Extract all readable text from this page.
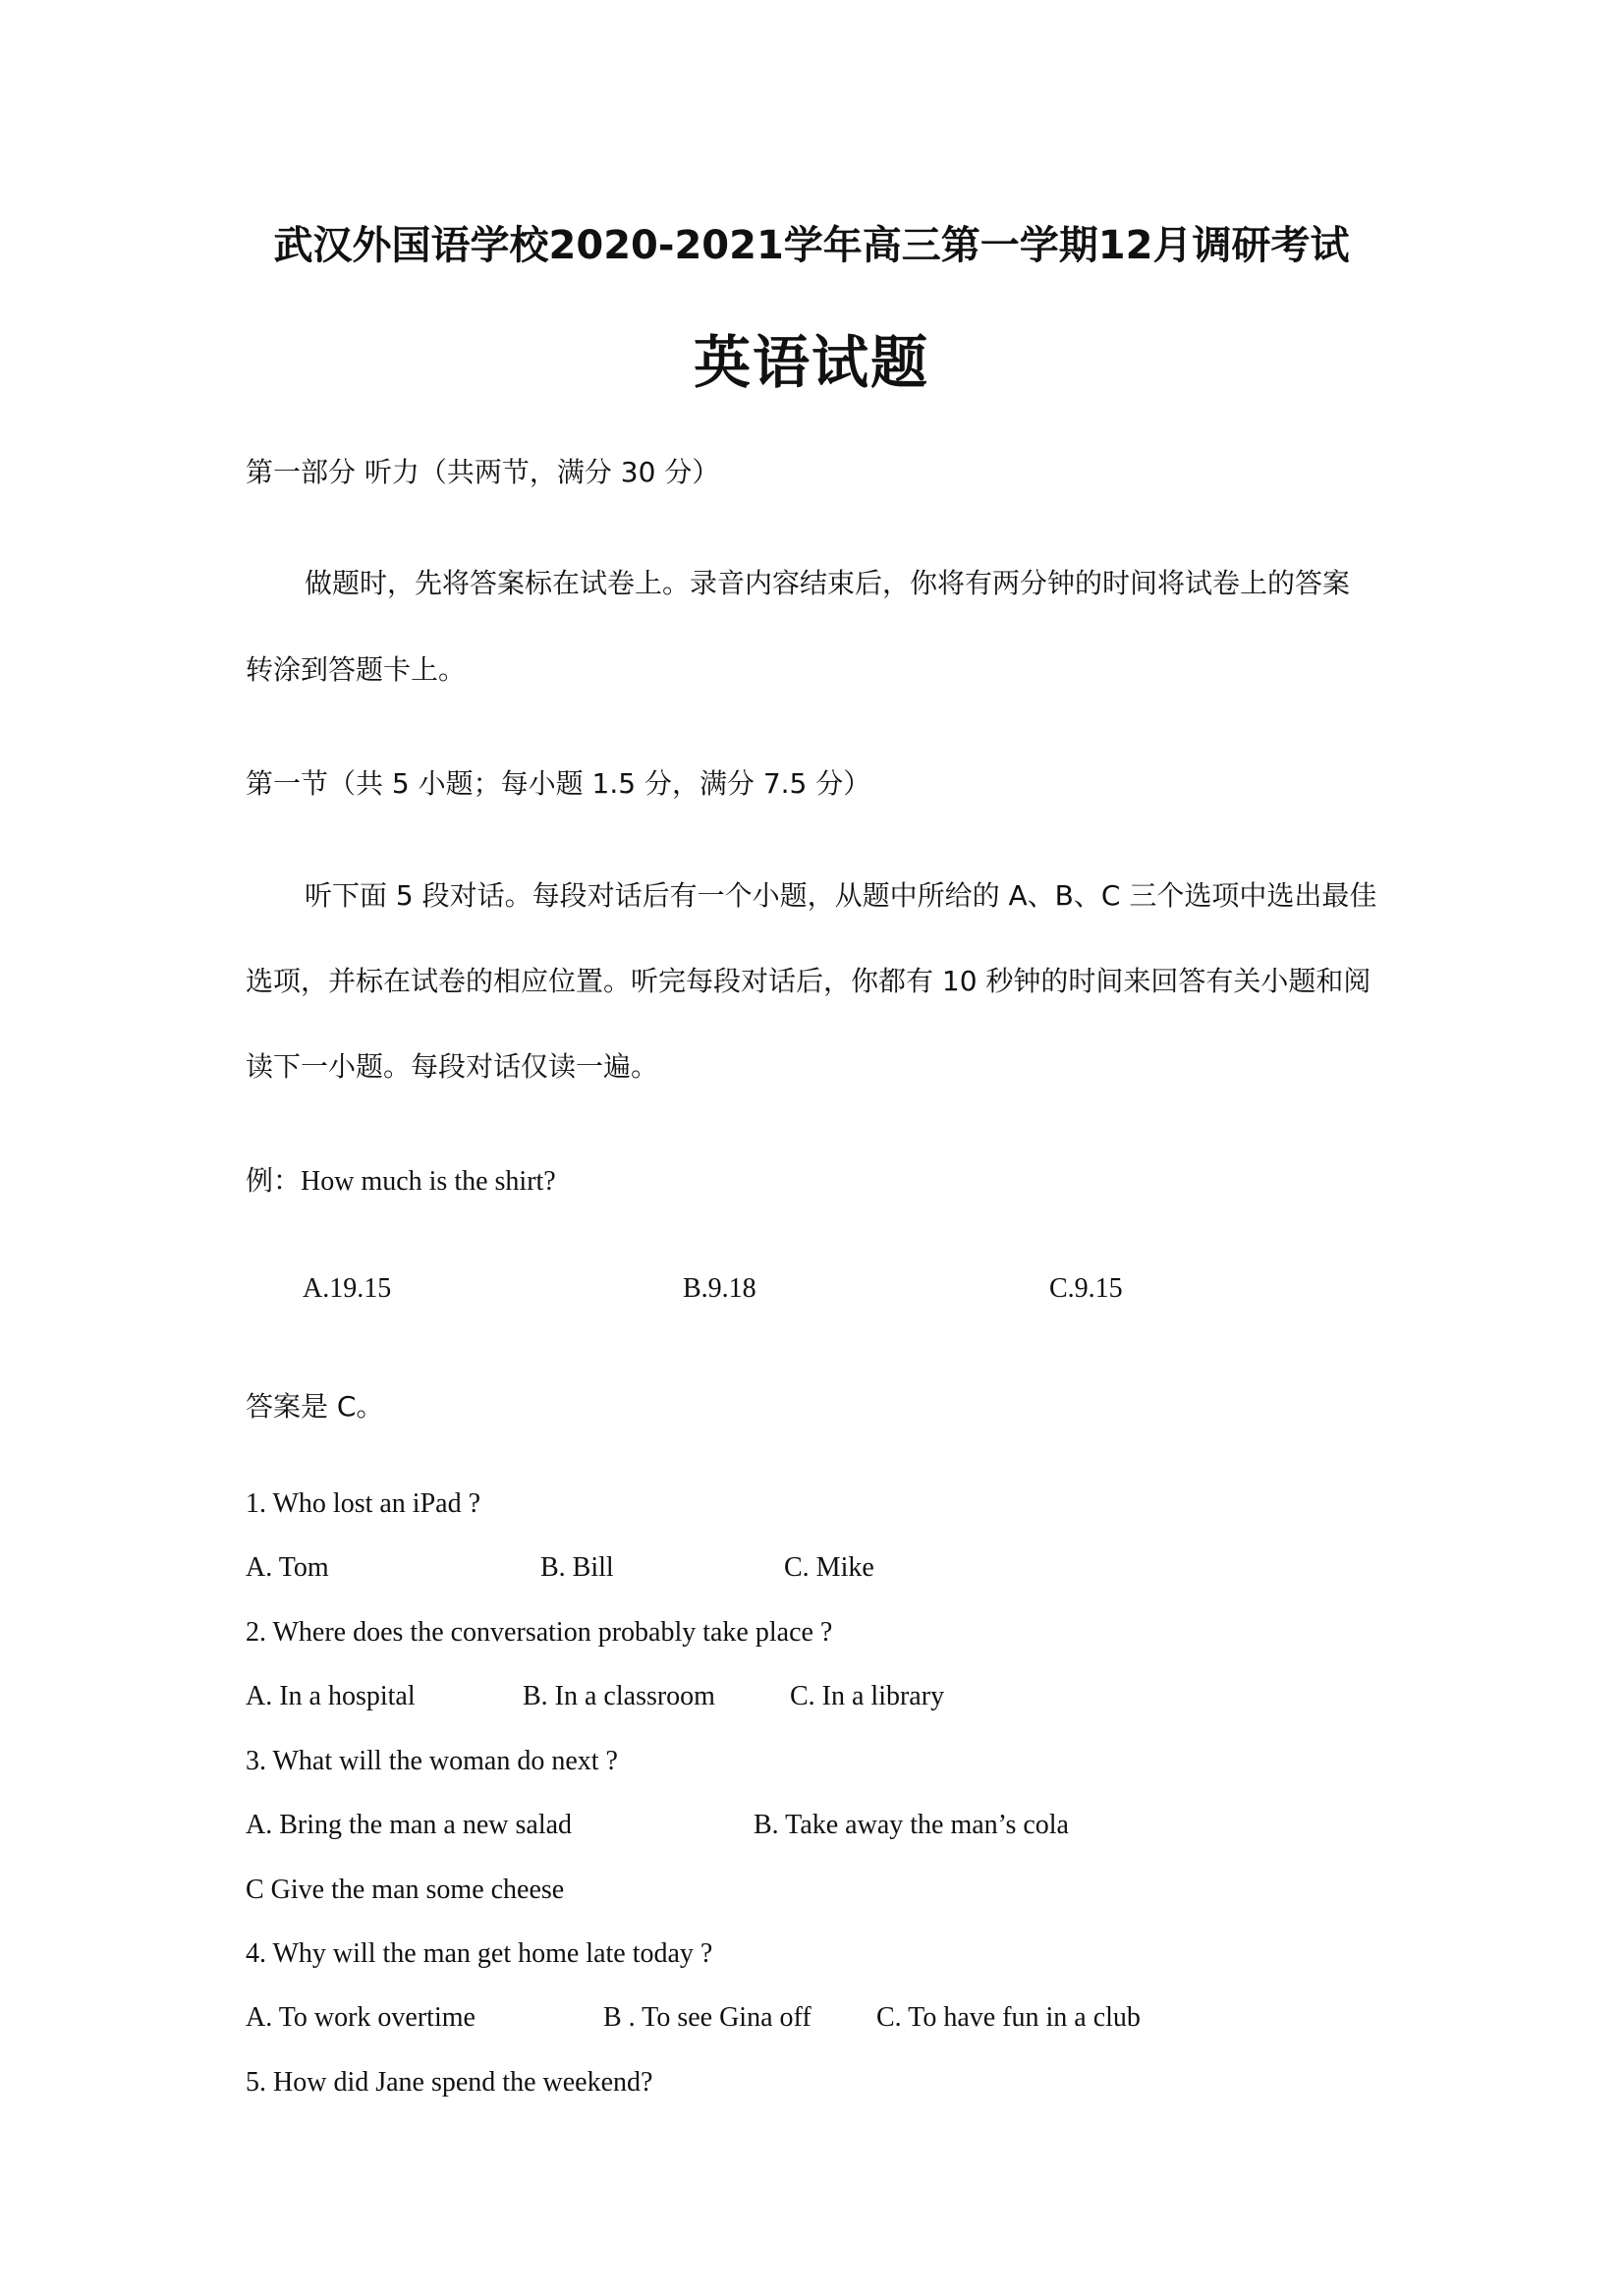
武汉外国语学校2020-2021学年高三第一学期12月调研考试
英语试题
第一部分 听力（共两节，满分 30 分）
做题时，先将答案标在试卷上。录音内容结束后，你将有两分钟的时间将试卷上的答案
转涂到答题卡上。
第一节（共 5 小题；每小题 1.5 分，满分 7.5 分）
听下面 5 段对话。每段对话后有一个小题，从题中所给的 A、B、C 三个选项中选出最佳
选项，并标在试卷的相应位置。听完每段对话后，你都有 10 秒钟的时间来回答有关小题和阅
读下一小题。每段对话仅读一遍。
例：How much is the shirt?
A.19.15	B.9.18	C.9.15
答案是 C。
1. Who lost an iPad ?
A. Tom	B. Bill	C. Mike
2. Where does the conversation probably take place ?
A. In a hospital	B. In a classroom	C. In a library
3. What will the woman do next ?
A. Bring the man a new salad	B. Take away the man’s cola
C Give the man some cheese
4. Why will the man get home late today ?
A. To work overtime	B . To see Gina off C. To have fun in a club
5. How did Jane spend the weekend?
